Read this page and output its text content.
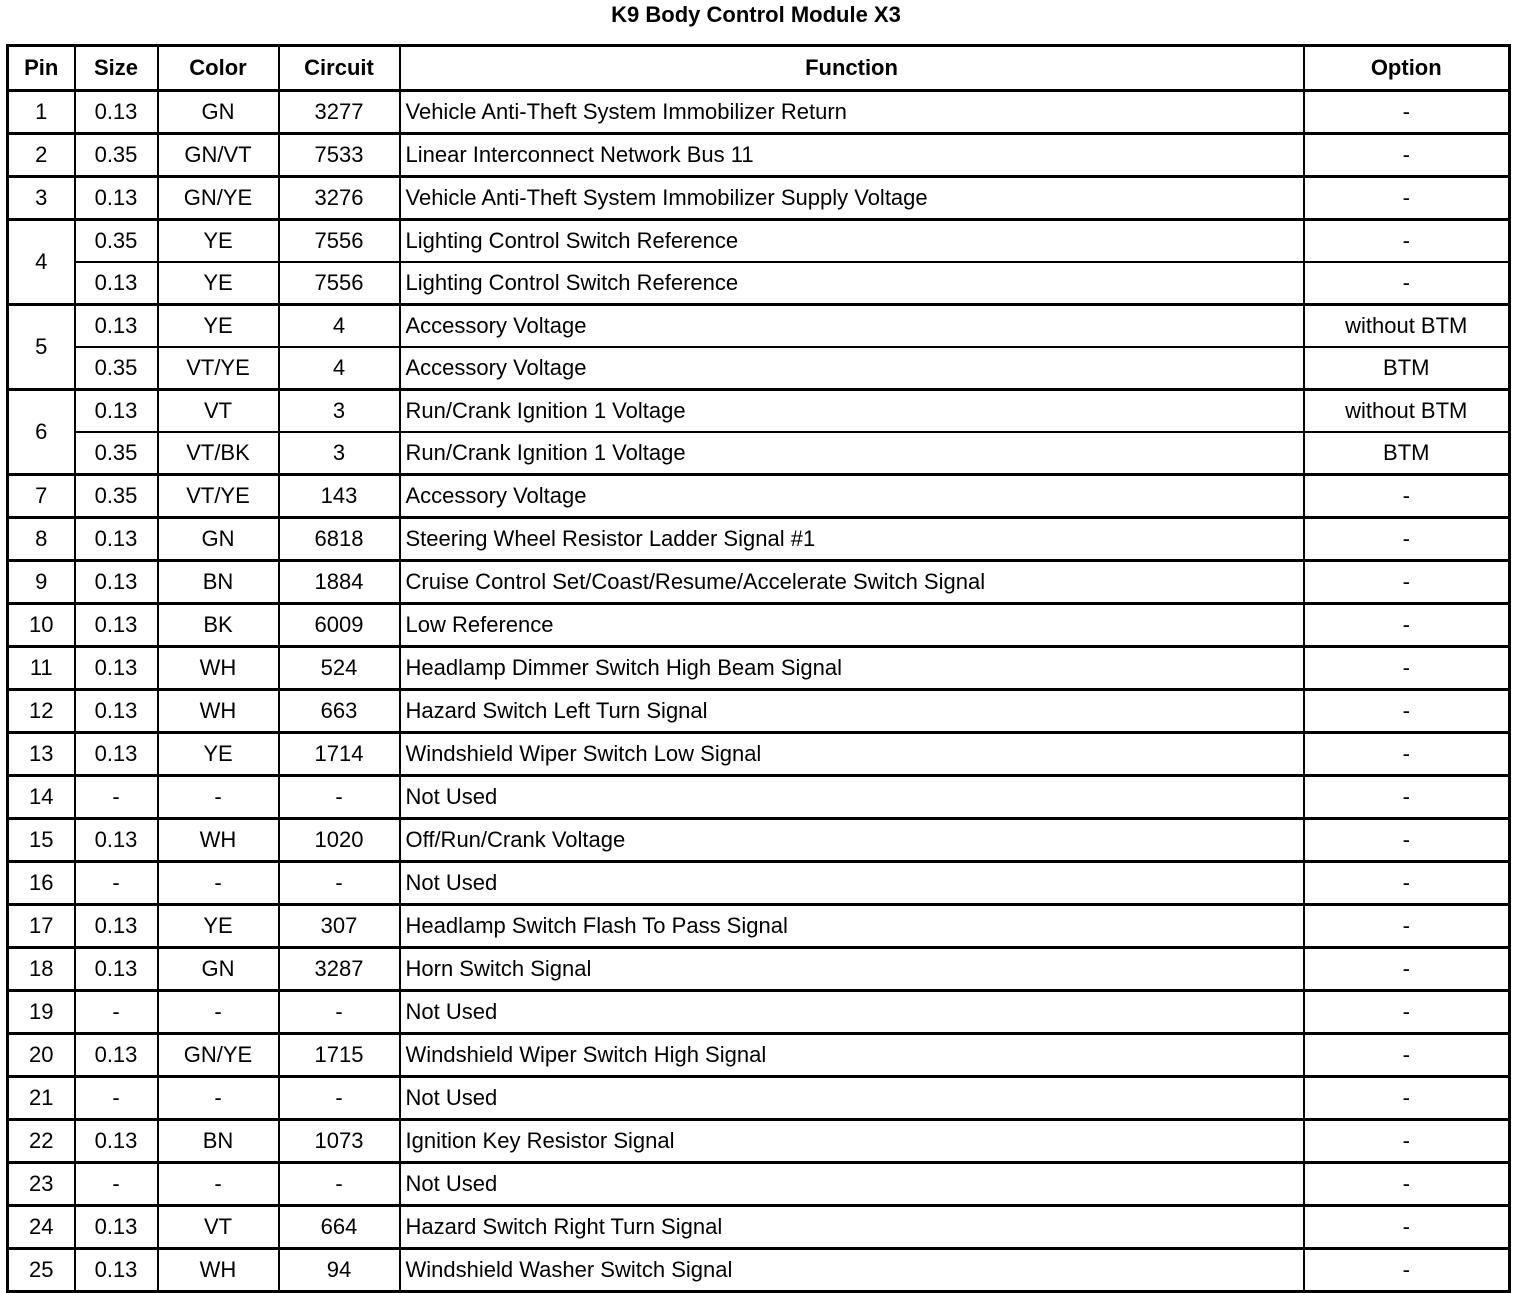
K9 Body Control Module X3
Pin	Size	Color	Circuit	Function	Option
1	0.13	GN	3277	Vehicle Anti-Theft System Immobilizer Return	-
2	0.35	GN/VT	7533	Linear Interconnect Network Bus 11	-
3	0.13	GN/YE	3276	Vehicle Anti-Theft System Immobilizer Supply Voltage	-
4	0.35	YE	7556	Lighting Control Switch Reference	-
	0.13	YE	7556	Lighting Control Switch Reference	-
5	0.13	YE	4	Accessory Voltage	without BTM
	0.35	VT/YE	4	Accessory Voltage	BTM
6	0.13	VT	3	Run/Crank Ignition 1 Voltage	without BTM
	0.35	VT/BK	3	Run/Crank Ignition 1 Voltage	BTM
7	0.35	VT/YE	143	Accessory Voltage	-
8	0.13	GN	6818	Steering Wheel Resistor Ladder Signal #1	-
9	0.13	BN	1884	Cruise Control Set/Coast/Resume/Accelerate Switch Signal	-
10	0.13	BK	6009	Low Reference	-
11	0.13	WH	524	Headlamp Dimmer Switch High Beam Signal	-
12	0.13	WH	663	Hazard Switch Left Turn Signal	-
13	0.13	YE	1714	Windshield Wiper Switch Low Signal	-
14	-	-	-	Not Used	-
15	0.13	WH	1020	Off/Run/Crank Voltage	-
16	-	-	-	Not Used	-
17	0.13	YE	307	Headlamp Switch Flash To Pass Signal	-
18	0.13	GN	3287	Horn Switch Signal	-
19	-	-	-	Not Used	-
20	0.13	GN/YE	1715	Windshield Wiper Switch High Signal	-
21	-	-	-	Not Used	-
22	0.13	BN	1073	Ignition Key Resistor Signal	-
23	-	-	-	Not Used	-
24	0.13	VT	664	Hazard Switch Right Turn Signal	-
25	0.13	WH	94	Windshield Washer Switch Signal	-
